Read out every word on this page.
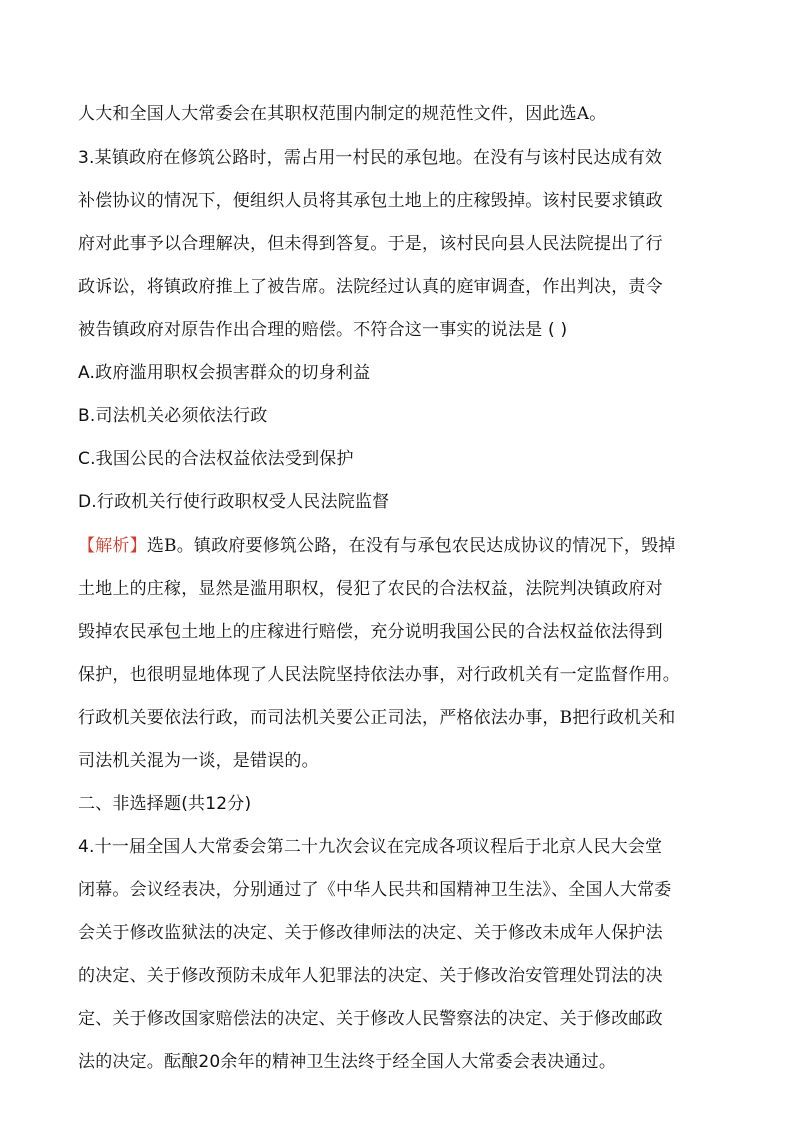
人大和全国人大常委会在其职权范围内制定的规范性文件，因此选A。
3.某镇政府在修筑公路时，需占用一村民的承包地。在没有与该村民达成有效
补偿协议的情况下，便组织人员将其承包土地上的庄稼毁掉。该村民要求镇政
府对此事予以合理解决，但未得到答复。于是，该村民向县人民法院提出了行
政诉讼，将镇政府推上了被告席。法院经过认真的庭审调查，作出判决，责令
被告镇政府对原告作出合理的赔偿。不符合这一事实的说法是 ( )
A.政府滥用职权会损害群众的切身利益
B.司法机关必须依法行政
C.我国公民的合法权益依法受到保护
D.行政机关行使行政职权受人民法院监督
【解析】选B。镇政府要修筑公路，在没有与承包农民达成协议的情况下，毁掉
土地上的庄稼，显然是滥用职权，侵犯了农民的合法权益，法院判决镇政府对
毁掉农民承包土地上的庄稼进行赔偿，充分说明我国公民的合法权益依法得到
保护，也很明显地体现了人民法院坚持依法办事，对行政机关有一定监督作用。
行政机关要依法行政，而司法机关要公正司法，严格依法办事，B把行政机关和
司法机关混为一谈，是错误的。
二、非选择题(共12分)
4.十一届全国人大常委会第二十九次会议在完成各项议程后于北京人民大会堂
闭幕。会议经表决，分别通过了《中华人民共和国精神卫生法》、全国人大常委
会关于修改监狱法的决定、关于修改律师法的决定、关于修改未成年人保护法
的决定、关于修改预防未成年人犯罪法的决定、关于修改治安管理处罚法的决
定、关于修改国家赔偿法的决定、关于修改人民警察法的决定、关于修改邮政
法的决定。酝酿20余年的精神卫生法终于经全国人大常委会表决通过。
